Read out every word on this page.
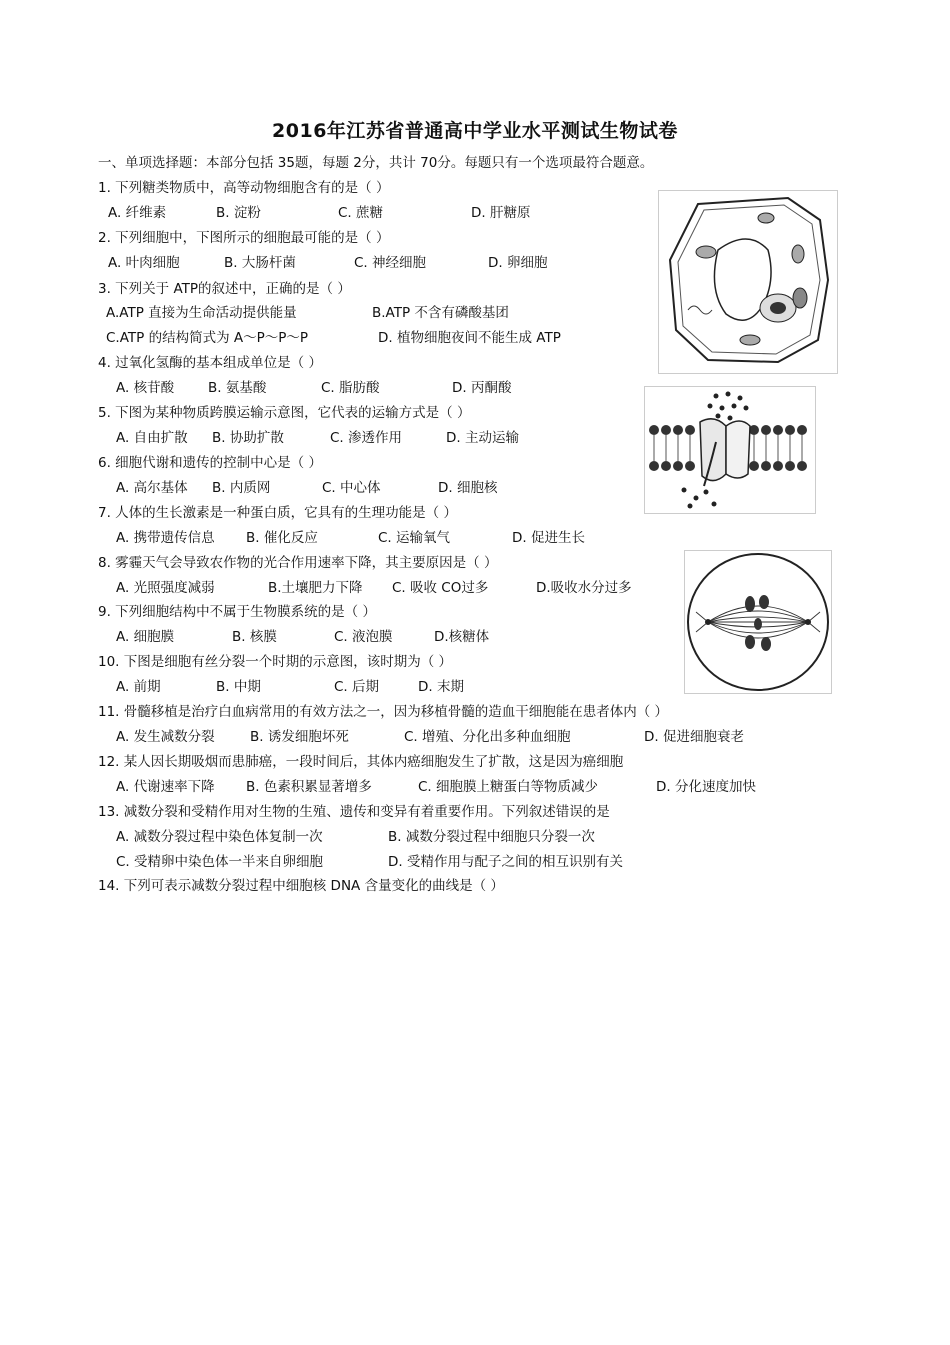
2016年江苏省普通高中学业水平测试生物试卷
一、单项选择题：本部分包括 35题，每题 2分，共计 70分。每题只有一个选项最符合题意。
1. 下列糖类物质中，高等动物细胞含有的是（ ）
A. 纤维素	B. 淀粉	C. 蔗糖	D. 肝糖原
2. 下列细胞中，下图所示的细胞最可能的是（ ）
A. 叶肉细胞	B. 大肠杆菌	C. 神经细胞	D. 卵细胞
3. 下列关于 ATP的叙述中，正确的是（ ）
A.ATP 直接为生命活动提供能量	B.ATP 不含有磷酸基团
C.ATP 的结构简式为 A～P～P～P	D. 植物细胞夜间不能生成 ATP
4. 过氧化氢酶的基本组成单位是（ ）
A. 核苷酸	B. 氨基酸	C. 脂肪酸	D. 丙酮酸
5. 下图为某种物质跨膜运输示意图，它代表的运输方式是（ ）
A. 自由扩散 B. 协助扩散	C. 渗透作用	D. 主动运输
6. 细胞代谢和遗传的控制中心是（ ）
A. 高尔基体 B. 内质网	C. 中心体	D. 细胞核
7. 人体的生长激素是一种蛋白质，它具有的生理功能是（ ）
A. 携带遗传信息 B. 催化反应	C. 运输氧气	D. 促进生长
8. 雾霾天气会导致农作物的光合作用速率下降，其主要原因是（ ）
A. 光照强度减弱	B.土壤肥力下降 C. 吸收 CO过多	D.吸收水分过多
9. 下列细胞结构中不属于生物膜系统的是（ ）
A. 细胞膜	B. 核膜	C. 液泡膜	D.核糖体
10. 下图是细胞有丝分裂一个时期的示意图，该时期为（ ）
A. 前期	B. 中期	C. 后期	D. 末期
11. 骨髓移植是治疗白血病常用的有效方法之一，因为移植骨髓的造血干细胞能在患者体内（ ）
A. 发生减数分裂	B. 诱发细胞坏死	C. 增殖、分化出多种血细胞	D. 促进细胞衰老
12. 某人因长期吸烟而患肺癌，一段时间后，其体内癌细胞发生了扩散，这是因为癌细胞
A. 代谢速率下降 B. 色素积累显著增多	C. 细胞膜上糖蛋白等物质减少	D. 分化速度加快
13. 减数分裂和受精作用对生物的生殖、遗传和变异有着重要作用。下列叙述错误的是
A. 减数分裂过程中染色体复制一次	B. 减数分裂过程中细胞只分裂一次
C. 受精卵中染色体一半来自卵细胞	D. 受精作用与配子之间的相互识别有关
14. 下列可表示减数分裂过程中细胞核 DNA 含量变化的曲线是（ ）
